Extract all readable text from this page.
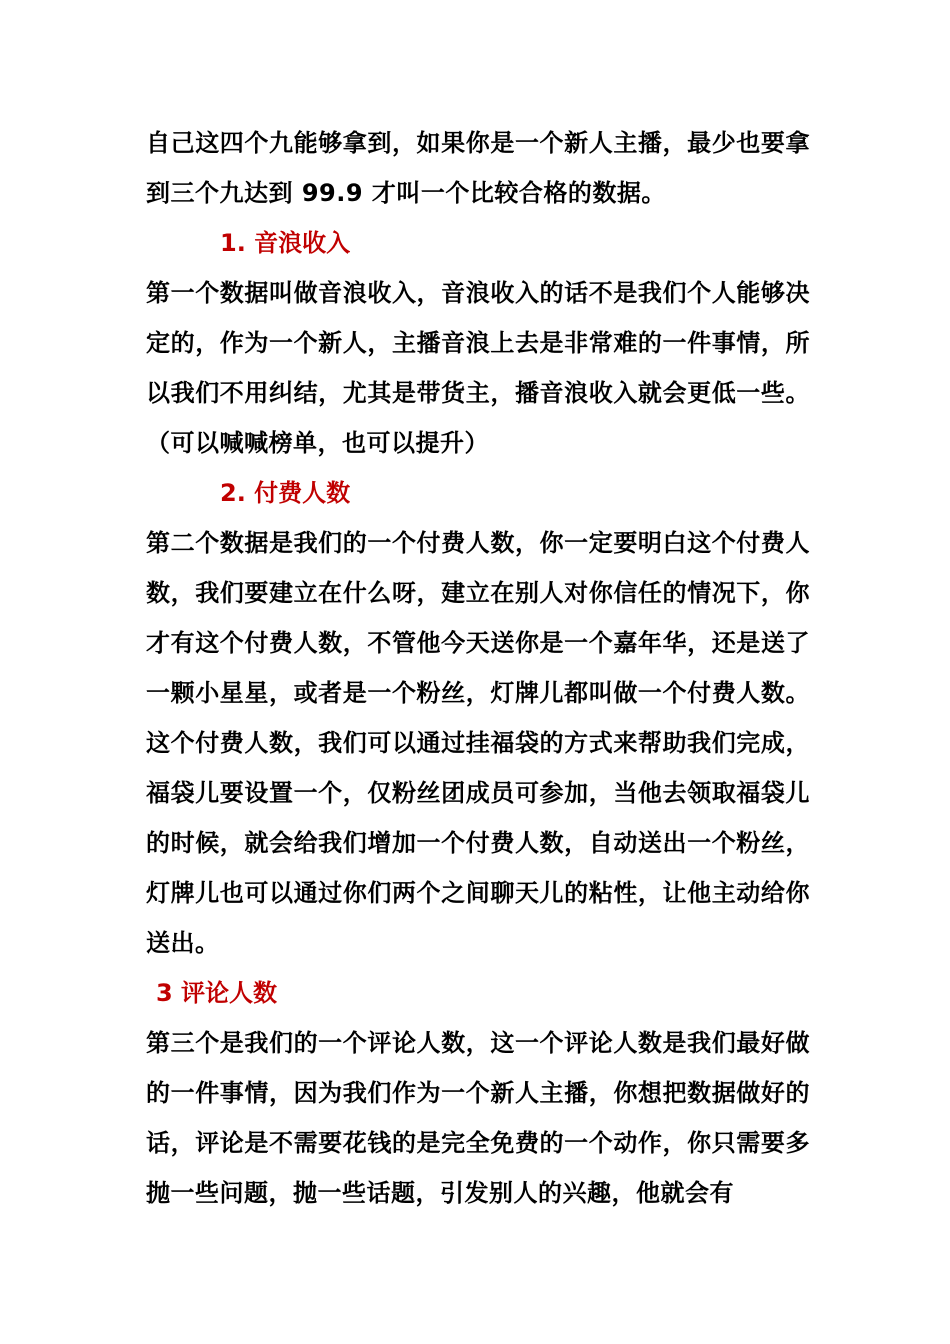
自己这四个九能够拿到，如果你是一个新人主播，最少也要拿到三个九达到 99.9 才叫一个比较合格的数据。

1. 音浪收入

第一个数据叫做音浪收入，音浪收入的话不是我们个人能够决定的，作为一个新人，主播音浪上去是非常难的一件事情，所以我们不用纠结，尤其是带货主，播音浪收入就会更低一些。（可以喊喊榜单，也可以提升）

2. 付费人数

第二个数据是我们的一个付费人数，你一定要明白这个付费人数，我们要建立在什么呀，建立在别人对你信任的情况下，你才有这个付费人数，不管他今天送你是一个嘉年华，还是送了一颗小星星，或者是一个粉丝，灯牌儿都叫做一个付费人数。这个付费人数，我们可以通过挂福袋的方式来帮助我们完成，福袋儿要设置一个，仅粉丝团成员可参加，当他去领取福袋儿的时候，就会给我们增加一个付费人数，自动送出一个粉丝，灯牌儿也可以通过你们两个之间聊天儿的粘性，让他主动给你送出。

3 评论人数

第三个是我们的一个评论人数，这一个评论人数是我们最好做的一件事情，因为我们作为一个新人主播，你想把数据做好的话，评论是不需要花钱的是完全免费的一个动作，你只需要多抛一些问题，抛一些话题，引发别人的兴趣，他就会有
